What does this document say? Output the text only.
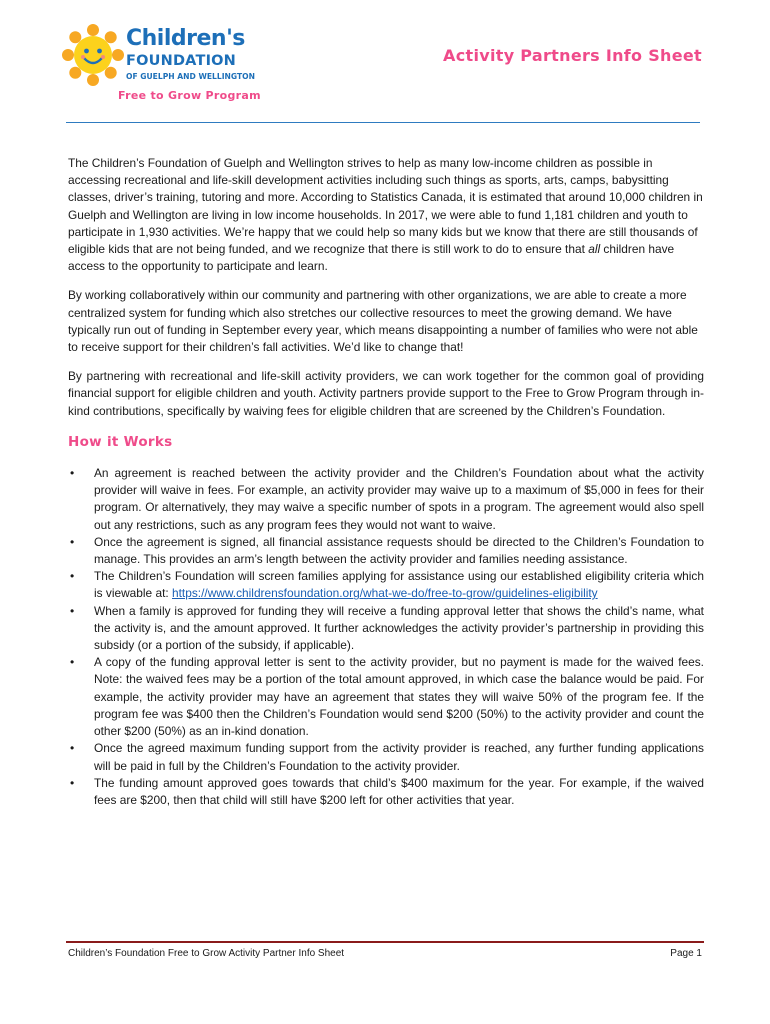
Children's
FOUNDATION
OF GUELPH AND WELLINGTON
Activity Partners Info Sheet
Free to Grow Program

The Children’s Foundation of Guelph and Wellington strives to help as many low-income children as possible in accessing recreational and life-skill development activities including such things as sports, arts, camps, babysitting classes, driver’s training, tutoring and more. According to Statistics Canada, it is estimated that around 10,000 children in Guelph and Wellington are living in low income households. In 2017, we were able to fund 1,181 children and youth to participate in 1,930 activities. We’re happy that we could help so many kids but we know that there are still thousands of eligible kids that are not being funded, and we recognize that there is still work to do to ensure that all children have access to the opportunity to participate and learn.

By working collaboratively within our community and partnering with other organizations, we are able to create a more centralized system for funding which also stretches our collective resources to meet the growing demand. We have typically run out of funding in September every year, which means disappointing a number of families who were not able to receive support for their children’s fall activities. We’d like to change that!

By partnering with recreational and life-skill activity providers, we can work together for the common goal of providing financial support for eligible children and youth. Activity partners provide support to the Free to Grow Program through in-kind contributions, specifically by waiving fees for eligible children that are screened by the Children’s Foundation.

How it Works
• An agreement is reached between the activity provider and the Children’s Foundation about what the activity provider will waive in fees. For example, an activity provider may waive up to a maximum of $5,000 in fees for their program. Or alternatively, they may waive a specific number of spots in a program. The agreement would also spell out any restrictions, such as any program fees they would not want to waive.
• Once the agreement is signed, all financial assistance requests should be directed to the Children’s Foundation to manage. This provides an arm’s length between the activity provider and families needing assistance.
• The Children’s Foundation will screen families applying for assistance using our established eligibility criteria which is viewable at: https://www.childrensfoundation.org/what-we-do/free-to-grow/guidelines-eligibility
• When a family is approved for funding they will receive a funding approval letter that shows the child’s name, what the activity is, and the amount approved. It further acknowledges the activity provider’s partnership in providing this subsidy (or a portion of the subsidy, if applicable).
• A copy of the funding approval letter is sent to the activity provider, but no payment is made for the waived fees. Note: the waived fees may be a portion of the total amount approved, in which case the balance would be paid. For example, the activity provider may have an agreement that states they will waive 50% of the program fee. If the program fee was $400 then the Children’s Foundation would send $200 (50%) to the activity provider and count the other $200 (50%) as an in-kind donation.
• Once the agreed maximum funding support from the activity provider is reached, any further funding applications will be paid in full by the Children’s Foundation to the activity provider.
• The funding amount approved goes towards that child’s $400 maximum for the year. For example, if the waived fees are $200, then that child will still have $200 left for other activities that year.
Children’s Foundation Free to Grow Activity Partner Info Sheet	Page 1
